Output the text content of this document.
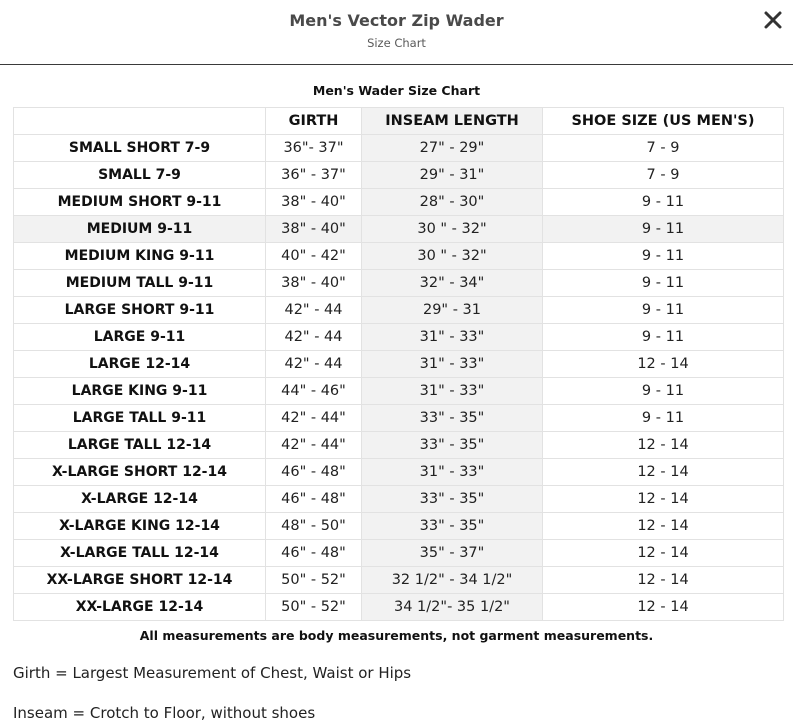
Men's Vector Zip Wader
Size Chart
Men's Wader Size Chart
	GIRTH	INSEAM LENGTH	SHOE SIZE (US MEN'S)
SMALL SHORT 7-9	36"- 37"	27" - 29"	7 - 9
SMALL 7-9	36" - 37"	29" - 31"	7 - 9
MEDIUM SHORT 9-11	38" - 40"	28" - 30"	9 - 11
MEDIUM 9-11	38" - 40"	30 " - 32"	9 - 11
MEDIUM KING 9-11	40" - 42"	30 " - 32"	9 - 11
MEDIUM TALL 9-11	38" - 40"	32" - 34"	9 - 11
LARGE SHORT 9-11	42" - 44	29" - 31	9 - 11
LARGE 9-11	42" - 44	31" - 33"	9 - 11
LARGE 12-14	42" - 44	31" - 33"	12 - 14
LARGE KING 9-11	44" - 46"	31" - 33"	9 - 11
LARGE TALL 9-11	42" - 44"	33" - 35"	9 - 11
LARGE TALL 12-14	42" - 44"	33" - 35"	12 - 14
X-LARGE SHORT 12-14	46" - 48"	31" - 33"	12 - 14
X-LARGE 12-14	46" - 48"	33" - 35"	12 - 14
X-LARGE KING 12-14	48" - 50"	33" - 35"	12 - 14
X-LARGE TALL 12-14	46" - 48"	35" - 37"	12 - 14
XX-LARGE SHORT 12-14	50" - 52"	32 1/2" - 34 1/2"	12 - 14
XX-LARGE 12-14	50" - 52"	34 1/2"- 35 1/2"	12 - 14
All measurements are body measurements, not garment measurements.
Girth = Largest Measurement of Chest, Waist or Hips
Inseam = Crotch to Floor, without shoes
